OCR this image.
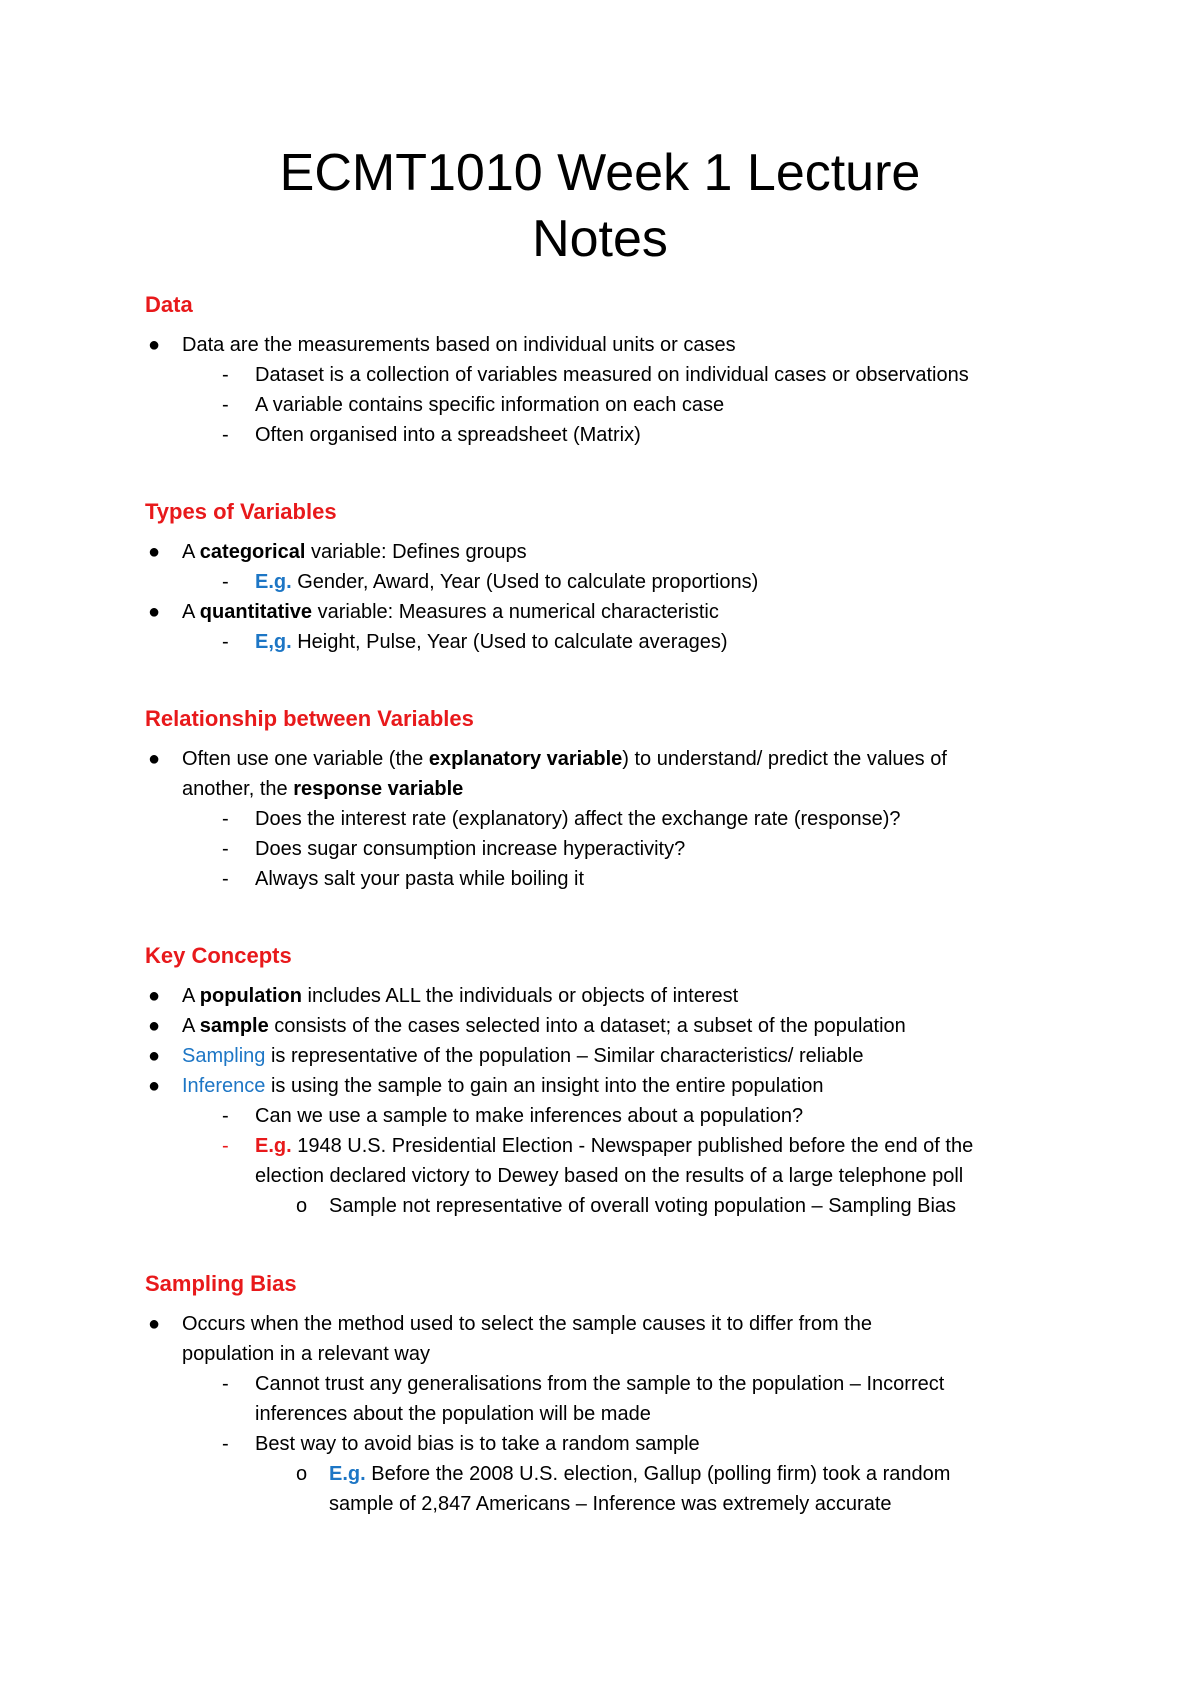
ECMT1010 Week 1 Lecture
Notes
Data
● Data are the measurements based on individual units or cases
- Dataset is a collection of variables measured on individual cases or observations
- A variable contains specific information on each case
- Often organised into a spreadsheet (Matrix)
Types of Variables
● A categorical variable: Defines groups
- E.g. Gender, Award, Year (Used to calculate proportions)
● A quantitative variable: Measures a numerical characteristic
- E,g. Height, Pulse, Year (Used to calculate averages)
Relationship between Variables
● Often use one variable (the explanatory variable) to understand/ predict the values of
another, the response variable
- Does the interest rate (explanatory) affect the exchange rate (response)?
- Does sugar consumption increase hyperactivity?
- Always salt your pasta while boiling it
Key Concepts
● A population includes ALL the individuals or objects of interest
● A sample consists of the cases selected into a dataset; a subset of the population
● Sampling is representative of the population – Similar characteristics/ reliable
● Inference is using the sample to gain an insight into the entire population
- Can we use a sample to make inferences about a population?
- E.g. 1948 U.S. Presidential Election - Newspaper published before the end of the
election declared victory to Dewey based on the results of a large telephone poll
o Sample not representative of overall voting population – Sampling Bias
Sampling Bias
● Occurs when the method used to select the sample causes it to differ from the
population in a relevant way
- Cannot trust any generalisations from the sample to the population – Incorrect
inferences about the population will be made
- Best way to avoid bias is to take a random sample
o E.g. Before the 2008 U.S. election, Gallup (polling firm) took a random
sample of 2,847 Americans – Inference was extremely accurate
